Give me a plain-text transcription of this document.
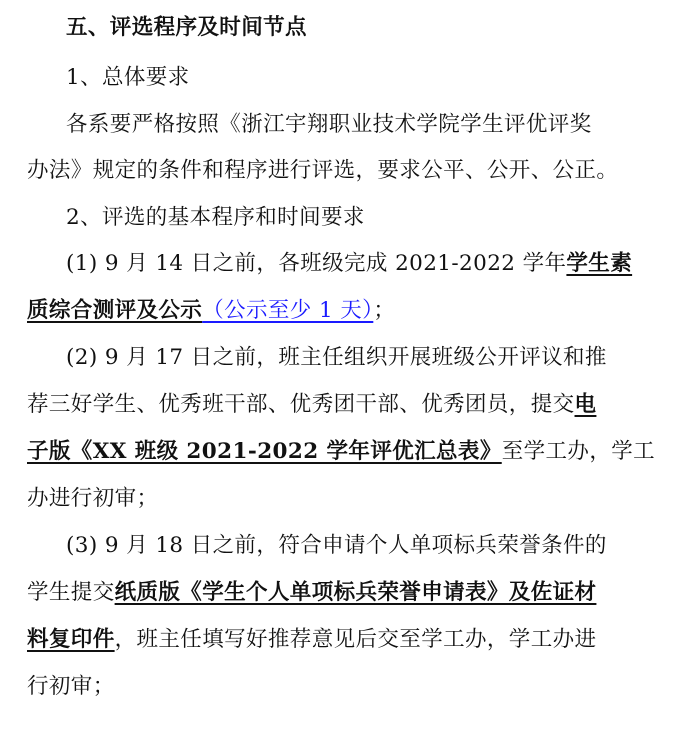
五、评选程序及时间节点
1、总体要求
各系要严格按照《浙江宇翔职业技术学院学生评优评奖
办法》规定的条件和程序进行评选，要求公平、公开、公正。
2、评选的基本程序和时间要求
(1) 9 月 14 日之前，各班级完成 2021-2022 学年学生素
质综合测评及公示（公示至少 1 天）；
(2) 9 月 17 日之前，班主任组织开展班级公开评议和推
荐三好学生、优秀班干部、优秀团干部、优秀团员，提交电
子版《XX 班级 2021-2022 学年评优汇总表》至学工办，学工
办进行初审；
(3) 9 月 18 日之前，符合申请个人单项标兵荣誉条件的
学生提交纸质版《学生个人单项标兵荣誉申请表》及佐证材
料复印件，班主任填写好推荐意见后交至学工办，学工办进
行初审；
